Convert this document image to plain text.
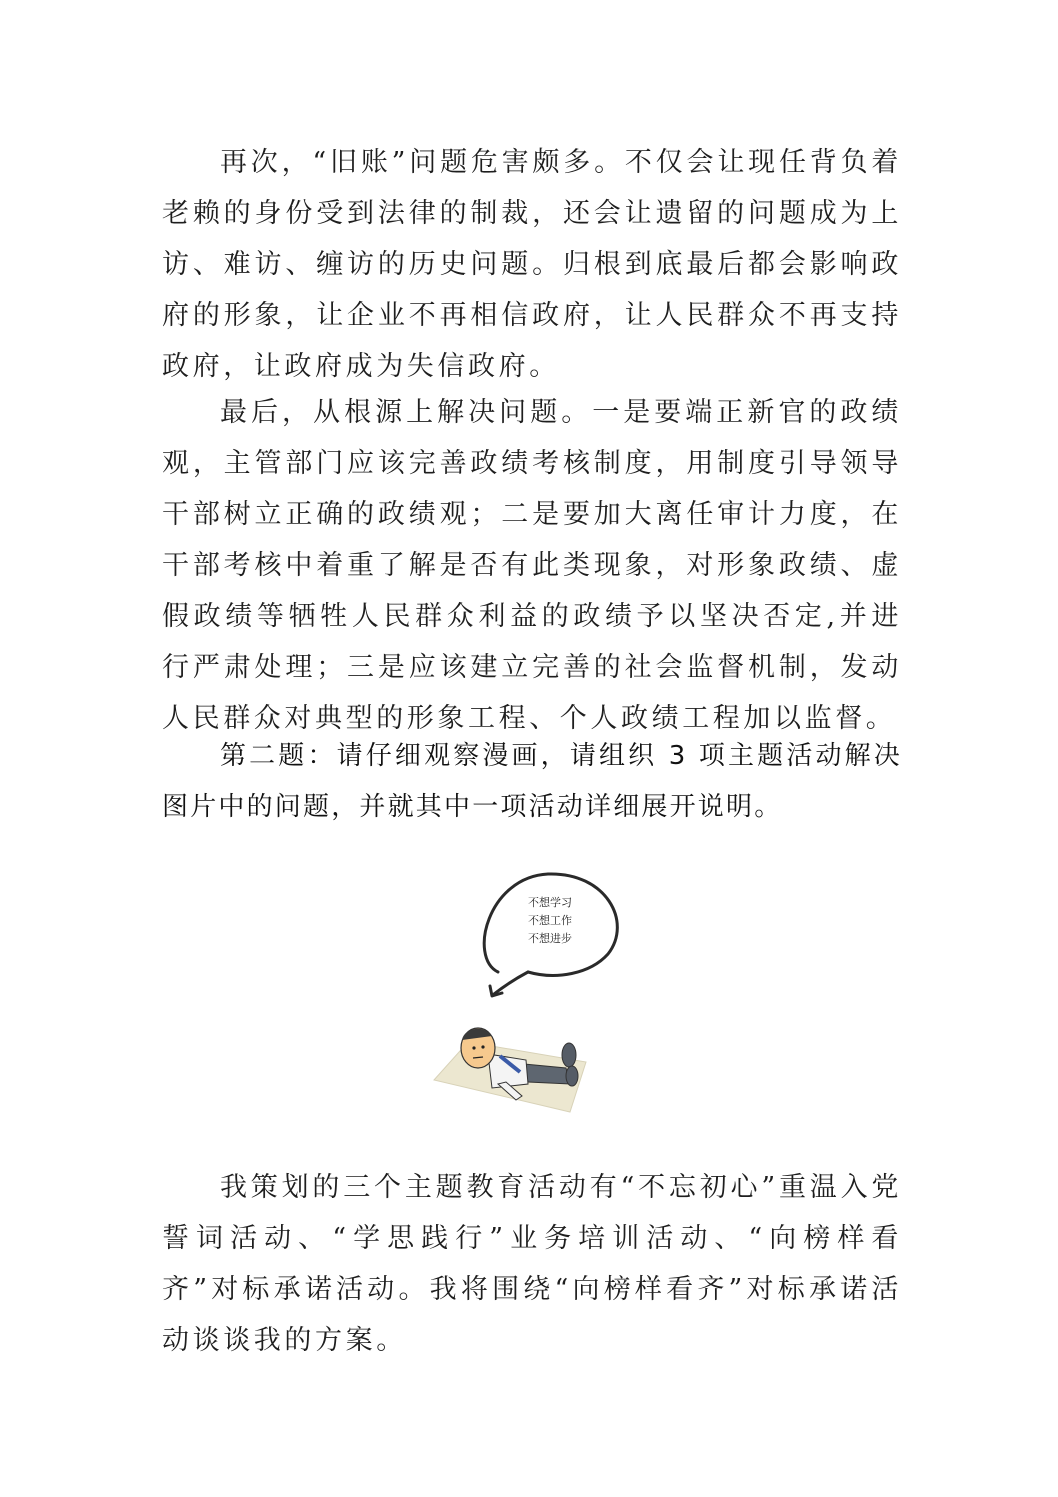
再次，“旧账”问题危害颇多。不仅会让现任背负着老赖的身份受到法律的制裁，还会让遗留的问题成为上访、难访、缠访的历史问题。归根到底最后都会影响政府的形象，让企业不再相信政府，让人民群众不再支持政府，让政府成为失信政府。

最后，从根源上解决问题。一是要端正新官的政绩观，主管部门应该完善政绩考核制度，用制度引导领导干部树立正确的政绩观；二是要加大离任审计力度，在干部考核中着重了解是否有此类现象，对形象政绩、虚假政绩等牺牲人民群众利益的政绩予以坚决否定,并进行严肃处理；三是应该建立完善的社会监督机制，发动人民群众对典型的形象工程、个人政绩工程加以监督。

第二题：请仔细观察漫画，请组织 3 项主题活动解决图片中的问题，并就其中一项活动详细展开说明。

不想学习
不想工作
不想进步

我策划的三个主题教育活动有“不忘初心”重温入党誓词活动、“学思践行”业务培训活动、“向榜样看齐”对标承诺活动。我将围绕“向榜样看齐”对标承诺活动谈谈我的方案。
